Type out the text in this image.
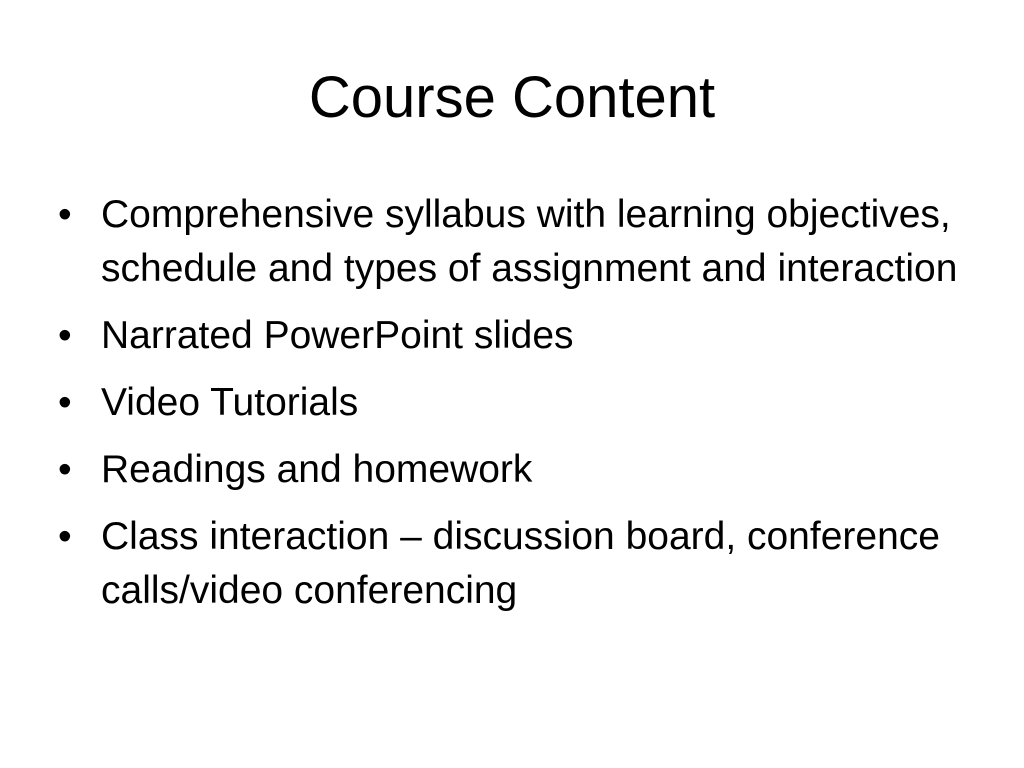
Course Content
• Comprehensive syllabus with learning objectives, schedule and types of assignment and interaction
• Narrated PowerPoint slides
• Video Tutorials
• Readings and homework
• Class interaction – discussion board, conference calls/video conferencing
